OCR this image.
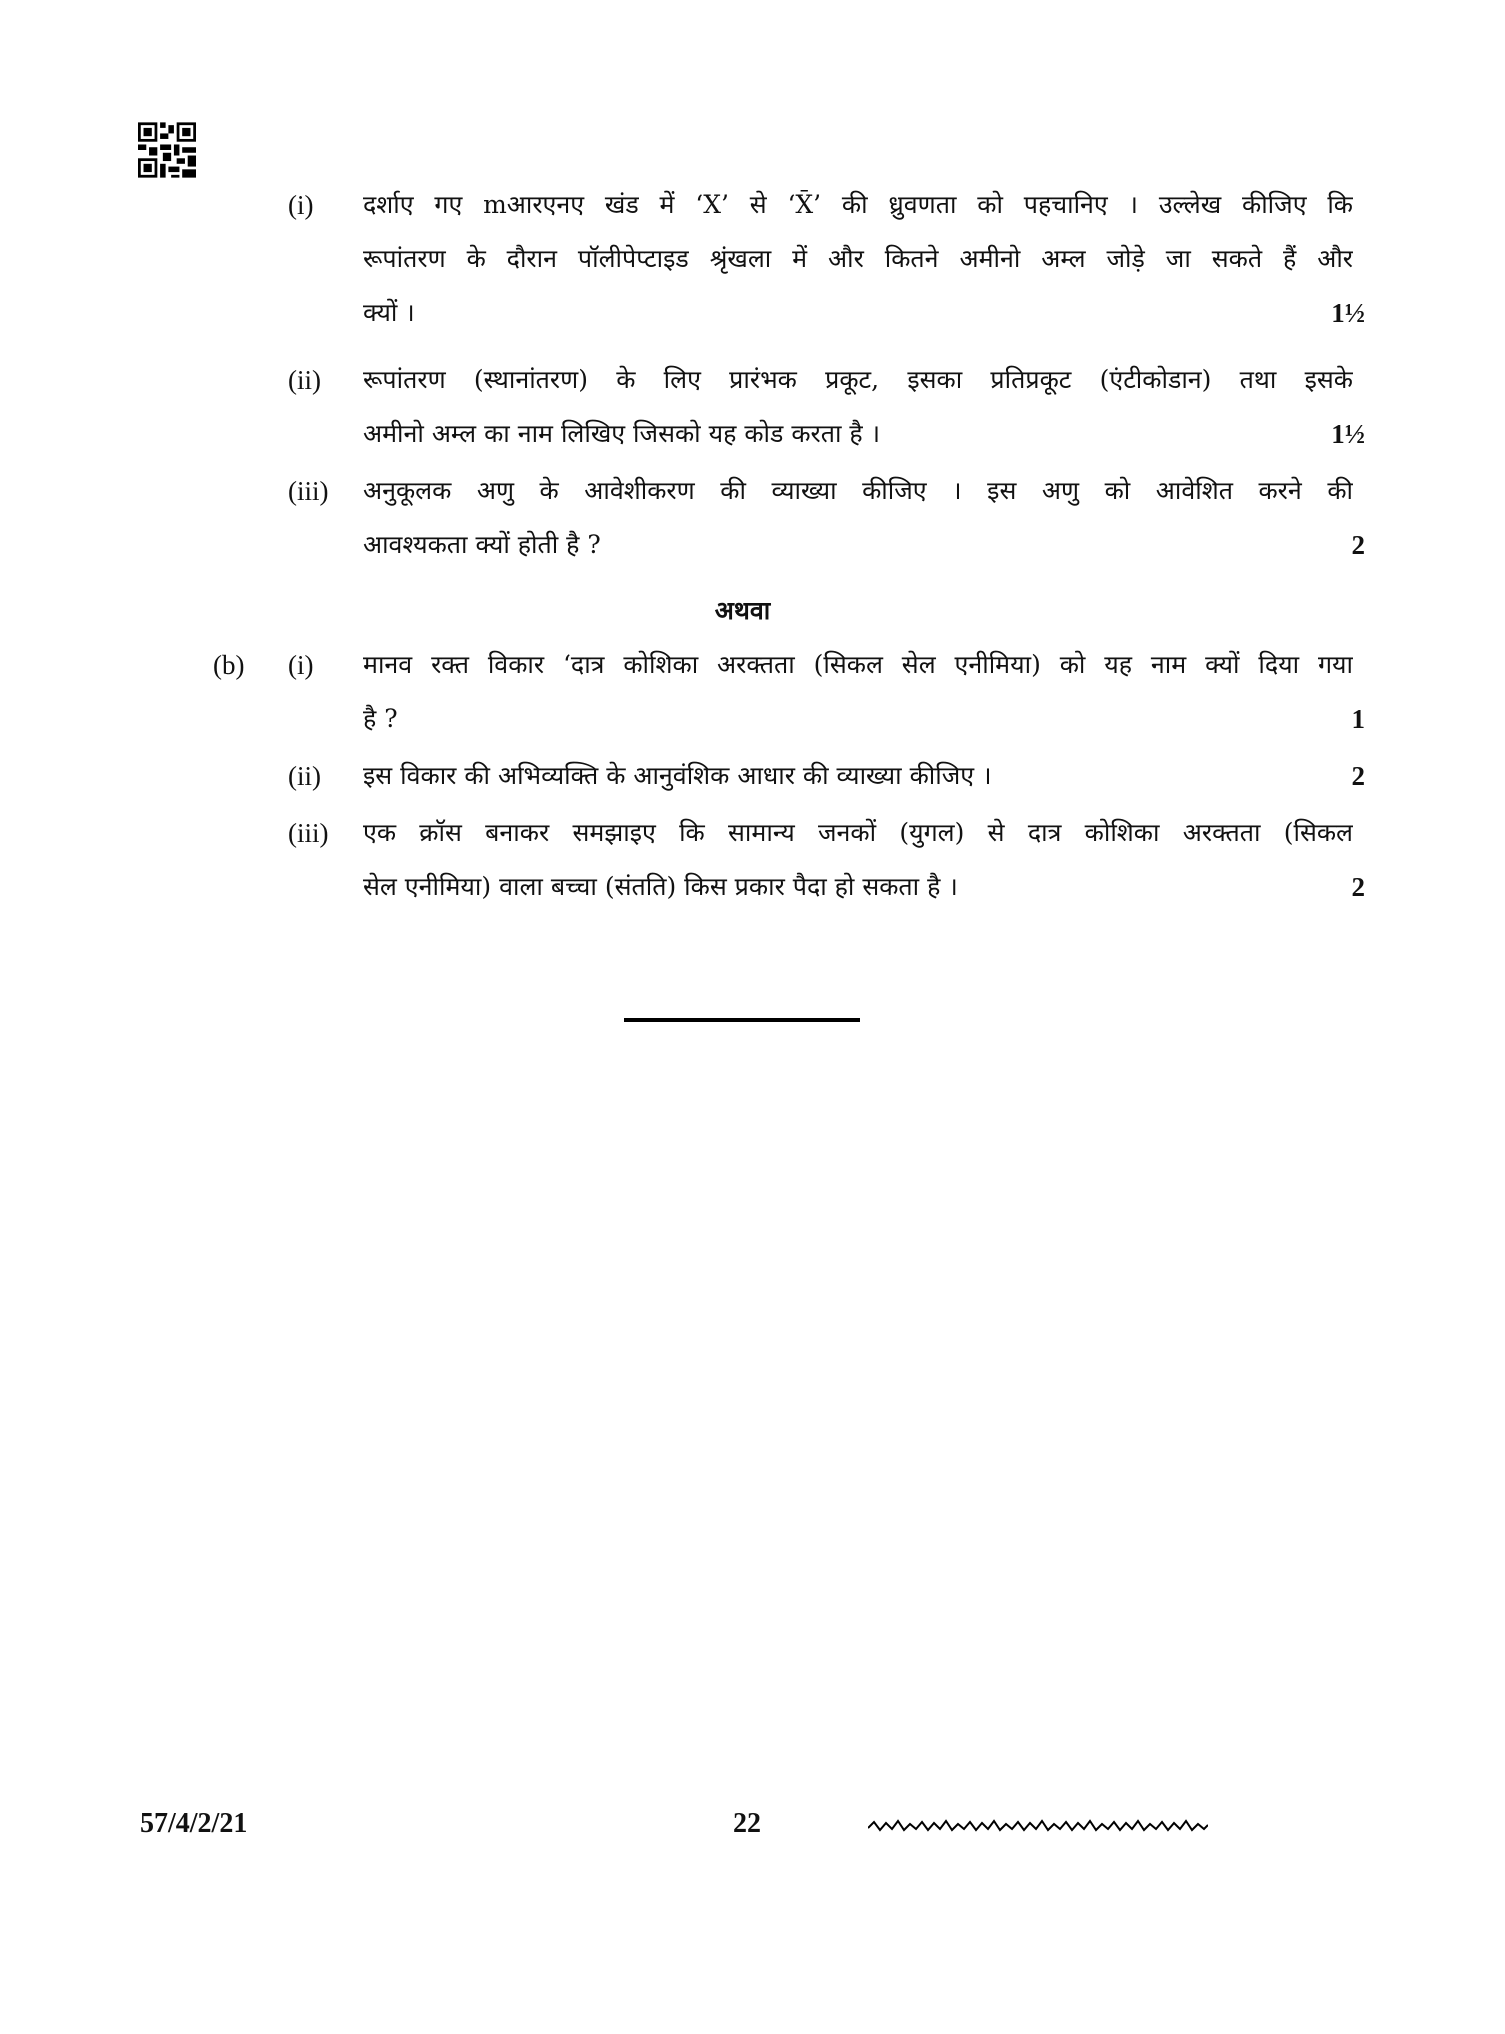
(i) दर्शाए गए mआरएनए खंड में ‘X’ से ‘X̄’ की ध्रुवणता को पहचानिए । उल्लेख कीजिए कि
रूपांतरण के दौरान पॉलीपेप्टाइड श्रृंखला में और कितने अमीनो अम्ल जोड़े जा सकते हैं और
क्यों ।	1½
(ii) रूपांतरण (स्थानांतरण) के लिए प्रारंभक प्रकूट, इसका प्रतिप्रकूट (एंटीकोडान) तथा इसके
अमीनो अम्ल का नाम लिखिए जिसको यह कोड करता है ।	1½
(iii) अनुकूलक अणु के आवेशीकरण की व्याख्या कीजिए । इस अणु को आवेशित करने की
आवश्यकता क्यों होती है ?	2
अथवा
(b) (i) मानव रक्त विकार ‘दात्र कोशिका अरक्तता (सिकल सेल एनीमिया) को यह नाम क्यों दिया गया
है ?	1
(ii) इस विकार की अभिव्यक्ति के आनुवंशिक आधार की व्याख्या कीजिए ।	2
(iii) एक क्रॉस बनाकर समझाइए कि सामान्य जनकों (युगल) से दात्र कोशिका अरक्तता (सिकल
सेल एनीमिया) वाला बच्चा (संतति) किस प्रकार पैदा हो सकता है ।	2
57/4/2/21	22
